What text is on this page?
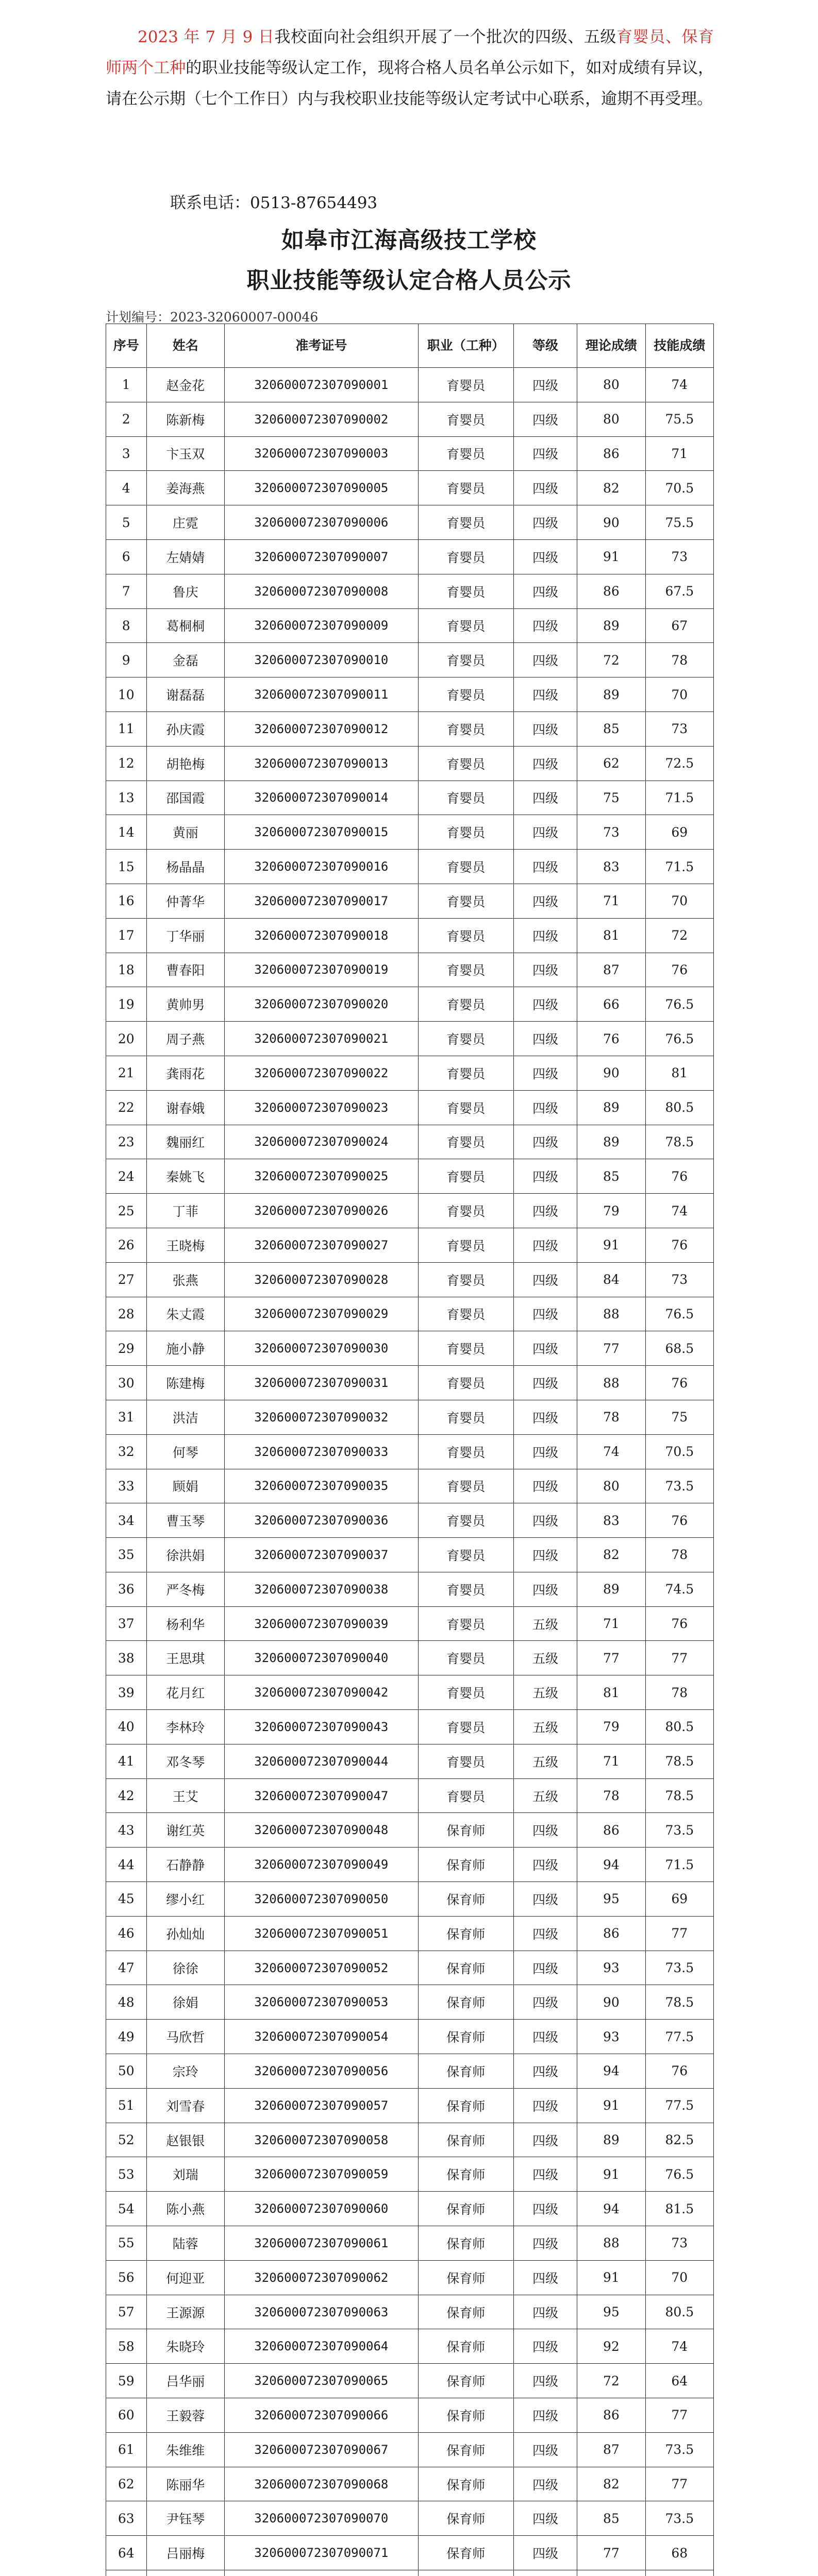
2023 年 7 月 9 日我校面向社会组织开展了一个批次的四级、五级育婴员、保育师两个工种的职业技能等级认定工作，现将合格人员名单公示如下，如对成绩有异议，请在公示期（七个工作日）内与我校职业技能等级认定考试中心联系，逾期不再受理。
联系电话：0513-87654493
如皋市江海高级技工学校
职业技能等级认定合格人员公示
计划编号：2023-32060007-00046
序号	姓名	准考证号	职业（工种）	等级	理论成绩	技能成绩
1	赵金花	320600072307090001	育婴员	四级	80	74
2	陈新梅	320600072307090002	育婴员	四级	80	75.5
3	卞玉双	320600072307090003	育婴员	四级	86	71
4	姜海燕	320600072307090005	育婴员	四级	82	70.5
5	庄霓	320600072307090006	育婴员	四级	90	75.5
6	左婧婧	320600072307090007	育婴员	四级	91	73
7	鲁庆	320600072307090008	育婴员	四级	86	67.5
8	葛桐桐	320600072307090009	育婴员	四级	89	67
9	金磊	320600072307090010	育婴员	四级	72	78
10	谢磊磊	320600072307090011	育婴员	四级	89	70
11	孙庆霞	320600072307090012	育婴员	四级	85	73
12	胡艳梅	320600072307090013	育婴员	四级	62	72.5
13	邵国霞	320600072307090014	育婴员	四级	75	71.5
14	黄丽	320600072307090015	育婴员	四级	73	69
15	杨晶晶	320600072307090016	育婴员	四级	83	71.5
16	仲菁华	320600072307090017	育婴员	四级	71	70
17	丁华丽	320600072307090018	育婴员	四级	81	72
18	曹春阳	320600072307090019	育婴员	四级	87	76
19	黄帅男	320600072307090020	育婴员	四级	66	76.5
20	周子燕	320600072307090021	育婴员	四级	76	76.5
21	龚雨花	320600072307090022	育婴员	四级	90	81
22	谢春娥	320600072307090023	育婴员	四级	89	80.5
23	魏丽红	320600072307090024	育婴员	四级	89	78.5
24	秦姚飞	320600072307090025	育婴员	四级	85	76
25	丁菲	320600072307090026	育婴员	四级	79	74
26	王晓梅	320600072307090027	育婴员	四级	91	76
27	张燕	320600072307090028	育婴员	四级	84	73
28	朱丈霞	320600072307090029	育婴员	四级	88	76.5
29	施小静	320600072307090030	育婴员	四级	77	68.5
30	陈建梅	320600072307090031	育婴员	四级	88	76
31	洪洁	320600072307090032	育婴员	四级	78	75
32	何琴	320600072307090033	育婴员	四级	74	70.5
33	顾娟	320600072307090035	育婴员	四级	80	73.5
34	曹玉琴	320600072307090036	育婴员	四级	83	76
35	徐洪娟	320600072307090037	育婴员	四级	82	78
36	严冬梅	320600072307090038	育婴员	四级	89	74.5
37	杨利华	320600072307090039	育婴员	五级	71	76
38	王思琪	320600072307090040	育婴员	五级	77	77
39	花月红	320600072307090042	育婴员	五级	81	78
40	李林玲	320600072307090043	育婴员	五级	79	80.5
41	邓冬琴	320600072307090044	育婴员	五级	71	78.5
42	王艾	320600072307090047	育婴员	五级	78	78.5
43	谢红英	320600072307090048	保育师	四级	86	73.5
44	石静静	320600072307090049	保育师	四级	94	71.5
45	缪小红	320600072307090050	保育师	四级	95	69
46	孙灿灿	320600072307090051	保育师	四级	86	77
47	徐徐	320600072307090052	保育师	四级	93	73.5
48	徐娟	320600072307090053	保育师	四级	90	78.5
49	马欣哲	320600072307090054	保育师	四级	93	77.5
50	宗玲	320600072307090056	保育师	四级	94	76
51	刘雪春	320600072307090057	保育师	四级	91	77.5
52	赵银银	320600072307090058	保育师	四级	89	82.5
53	刘瑞	320600072307090059	保育师	四级	91	76.5
54	陈小燕	320600072307090060	保育师	四级	94	81.5
55	陆蓉	320600072307090061	保育师	四级	88	73
56	何迎亚	320600072307090062	保育师	四级	91	70
57	王源源	320600072307090063	保育师	四级	95	80.5
58	朱晓玲	320600072307090064	保育师	四级	92	74
59	吕华丽	320600072307090065	保育师	四级	72	64
60	王毅蓉	320600072307090066	保育师	四级	86	77
61	朱维维	320600072307090067	保育师	四级	87	73.5
62	陈丽华	320600072307090068	保育师	四级	82	77
63	尹钰琴	320600072307090070	保育师	四级	85	73.5
64	吕丽梅	320600072307090071	保育师	四级	77	68
